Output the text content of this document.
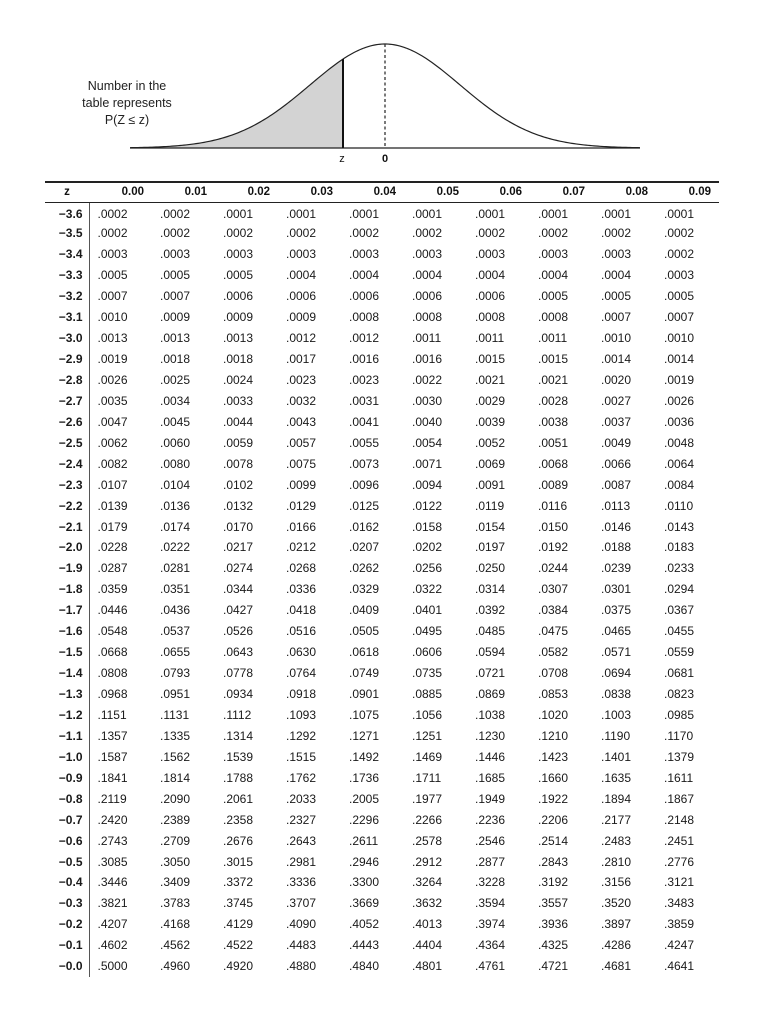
z	0
Number in the
table represents
P(Z ≤ z)
z	0.00	0.01	0.02	0.03	0.04	0.05	0.06	0.07	0.08	0.09
−3.6	.0002	.0002	.0001	.0001	.0001	.0001	.0001	.0001	.0001	.0001
−3.5	.0002	.0002	.0002	.0002	.0002	.0002	.0002	.0002	.0002	.0002
−3.4	.0003	.0003	.0003	.0003	.0003	.0003	.0003	.0003	.0003	.0002
−3.3	.0005	.0005	.0005	.0004	.0004	.0004	.0004	.0004	.0004	.0003
−3.2	.0007	.0007	.0006	.0006	.0006	.0006	.0006	.0005	.0005	.0005
−3.1	.0010	.0009	.0009	.0009	.0008	.0008	.0008	.0008	.0007	.0007
−3.0	.0013	.0013	.0013	.0012	.0012	.0011	.0011	.0011	.0010	.0010
−2.9	.0019	.0018	.0018	.0017	.0016	.0016	.0015	.0015	.0014	.0014
−2.8	.0026	.0025	.0024	.0023	.0023	.0022	.0021	.0021	.0020	.0019
−2.7	.0035	.0034	.0033	.0032	.0031	.0030	.0029	.0028	.0027	.0026
−2.6	.0047	.0045	.0044	.0043	.0041	.0040	.0039	.0038	.0037	.0036
−2.5	.0062	.0060	.0059	.0057	.0055	.0054	.0052	.0051	.0049	.0048
−2.4	.0082	.0080	.0078	.0075	.0073	.0071	.0069	.0068	.0066	.0064
−2.3	.0107	.0104	.0102	.0099	.0096	.0094	.0091	.0089	.0087	.0084
−2.2	.0139	.0136	.0132	.0129	.0125	.0122	.0119	.0116	.0113	.0110
−2.1	.0179	.0174	.0170	.0166	.0162	.0158	.0154	.0150	.0146	.0143
−2.0	.0228	.0222	.0217	.0212	.0207	.0202	.0197	.0192	.0188	.0183
−1.9	.0287	.0281	.0274	.0268	.0262	.0256	.0250	.0244	.0239	.0233
−1.8	.0359	.0351	.0344	.0336	.0329	.0322	.0314	.0307	.0301	.0294
−1.7	.0446	.0436	.0427	.0418	.0409	.0401	.0392	.0384	.0375	.0367
−1.6	.0548	.0537	.0526	.0516	.0505	.0495	.0485	.0475	.0465	.0455
−1.5	.0668	.0655	.0643	.0630	.0618	.0606	.0594	.0582	.0571	.0559
−1.4	.0808	.0793	.0778	.0764	.0749	.0735	.0721	.0708	.0694	.0681
−1.3	.0968	.0951	.0934	.0918	.0901	.0885	.0869	.0853	.0838	.0823
−1.2	.1151	.1131	.1112	.1093	.1075	.1056	.1038	.1020	.1003	.0985
−1.1	.1357	.1335	.1314	.1292	.1271	.1251	.1230	.1210	.1190	.1170
−1.0	.1587	.1562	.1539	.1515	.1492	.1469	.1446	.1423	.1401	.1379
−0.9	.1841	.1814	.1788	.1762	.1736	.1711	.1685	.1660	.1635	.1611
−0.8	.2119	.2090	.2061	.2033	.2005	.1977	.1949	.1922	.1894	.1867
−0.7	.2420	.2389	.2358	.2327	.2296	.2266	.2236	.2206	.2177	.2148
−0.6	.2743	.2709	.2676	.2643	.2611	.2578	.2546	.2514	.2483	.2451
−0.5	.3085	.3050	.3015	.2981	.2946	.2912	.2877	.2843	.2810	.2776
−0.4	.3446	.3409	.3372	.3336	.3300	.3264	.3228	.3192	.3156	.3121
−0.3	.3821	.3783	.3745	.3707	.3669	.3632	.3594	.3557	.3520	.3483
−0.2	.4207	.4168	.4129	.4090	.4052	.4013	.3974	.3936	.3897	.3859
−0.1	.4602	.4562	.4522	.4483	.4443	.4404	.4364	.4325	.4286	.4247
−0.0	.5000	.4960	.4920	.4880	.4840	.4801	.4761	.4721	.4681	.4641
